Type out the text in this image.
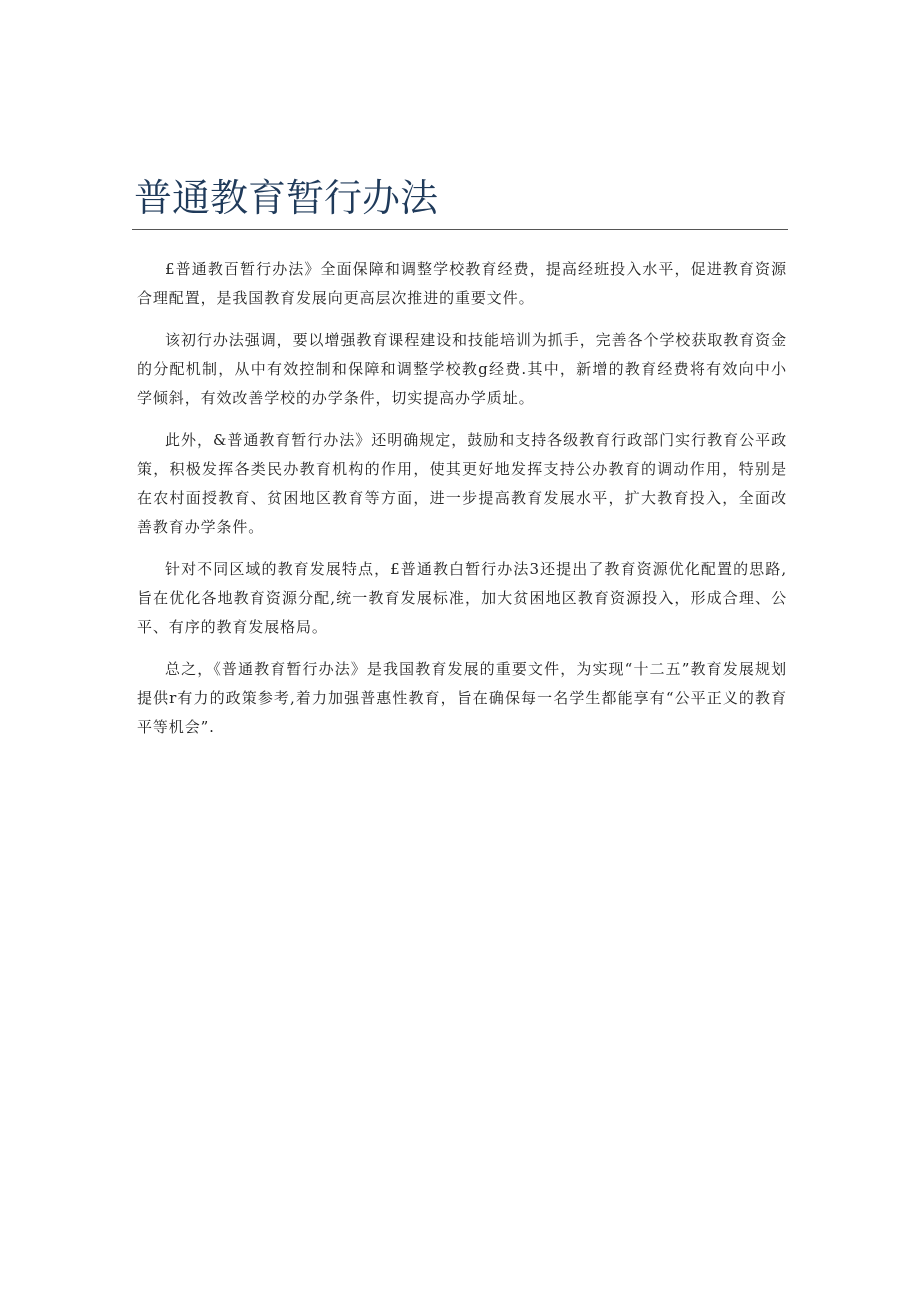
普通教育暂行办法

£普通教百暂行办法》全面保障和调整学校教育经费，提高经班投入水平，促进教育资源合理配置，是我国教育发展向更高层次推进的重要文件。

该初行办法强调，要以增强教育课程建设和技能培训为抓手，完善各个学校获取教育资金的分配机制，从中有效控制和保障和调整学校教g经费.其中，新增的教育经费将有效向中小学倾斜，有效改善学校的办学条件，切实提高办学质址。

此外，&普通教育暂行办法》还明确规定，鼓励和支持各级教育行政部门实行教育公平政策，积极发挥各类民办教育机构的作用，使其更好地发挥支持公办教育的调动作用，特别是在农村面授教育、贫困地区教育等方面，进一步提高教育发展水平，扩大教育投入，全面改善教育办学条件。

针对不同区域的教育发展特点，£普通教白暂行办法3还提出了教育资源优化配置的思路,旨在优化各地教育资源分配,统一教育发展标准，加大贫困地区教育资源投入，形成合理、公平、有序的教育发展格局。

总之，《普通教育暂行办法》是我国教育发展的重要文件，为实现“十二五”教育发展规划提供r有力的政策参考,着力加强普惠性教育，旨在确保每一名学生都能享有“公平正义的教育平等机会”.
